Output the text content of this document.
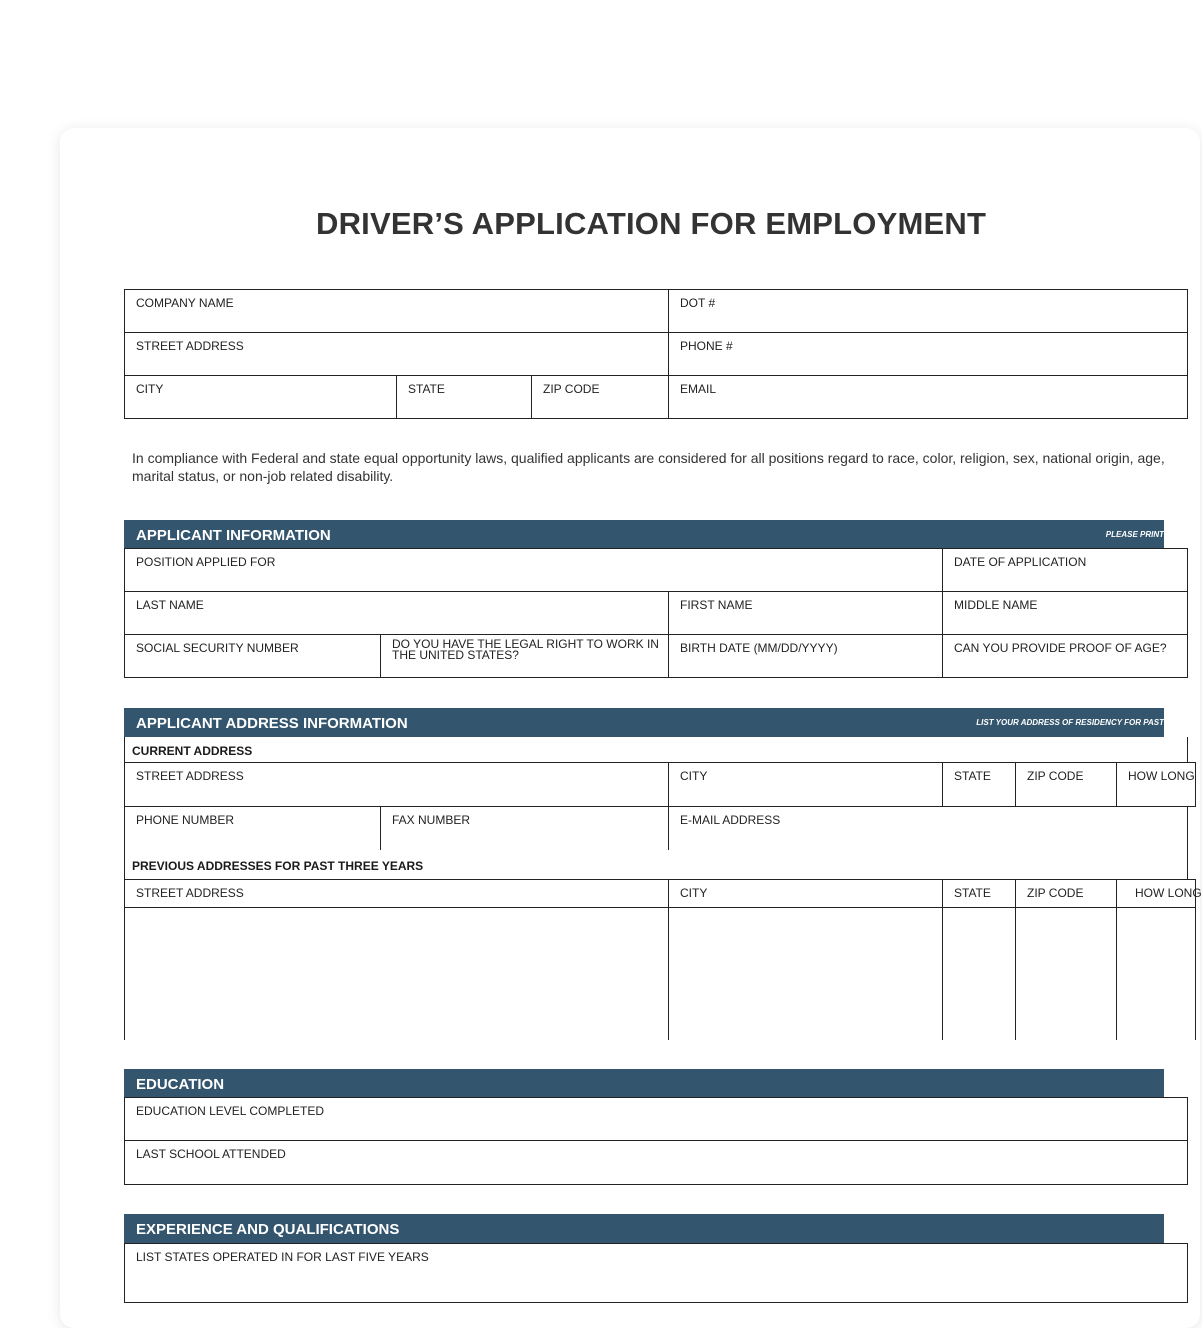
DRIVER’S APPLICATION FOR EMPLOYMENT
COMPANY NAME	DOT #
STREET ADDRESS	PHONE #
CITY	STATE	ZIP CODE	EMAIL
In compliance with Federal and state equal opportunity laws, qualified applicants are considered for all positions regard to race, color, religion, sex, national origin, age, marital status, or non-job related disability.
APPLICANT INFORMATION	PLEASE PRINT
POSITION APPLIED FOR	DATE OF APPLICATION
LAST NAME	FIRST NAME	MIDDLE NAME
SOCIAL SECURITY NUMBER	DO YOU HAVE THE LEGAL RIGHT TO WORK IN THE UNITED STATES?	BIRTH DATE (MM/DD/YYYY)	CAN YOU PROVIDE PROOF OF AGE?
APPLICANT ADDRESS INFORMATION	LIST YOUR ADDRESS OF RESIDENCY FOR PAST
CURRENT ADDRESS
STREET ADDRESS	CITY	STATE	ZIP CODE	HOW LONG
PHONE NUMBER	FAX NUMBER	E-MAIL ADDRESS
PREVIOUS ADDRESSES FOR PAST THREE YEARS
STREET ADDRESS	CITY	STATE	ZIP CODE	HOW LONG
EDUCATION
EDUCATION LEVEL COMPLETED
LAST SCHOOL ATTENDED
EXPERIENCE AND QUALIFICATIONS
LIST STATES OPERATED IN FOR LAST FIVE YEARS
